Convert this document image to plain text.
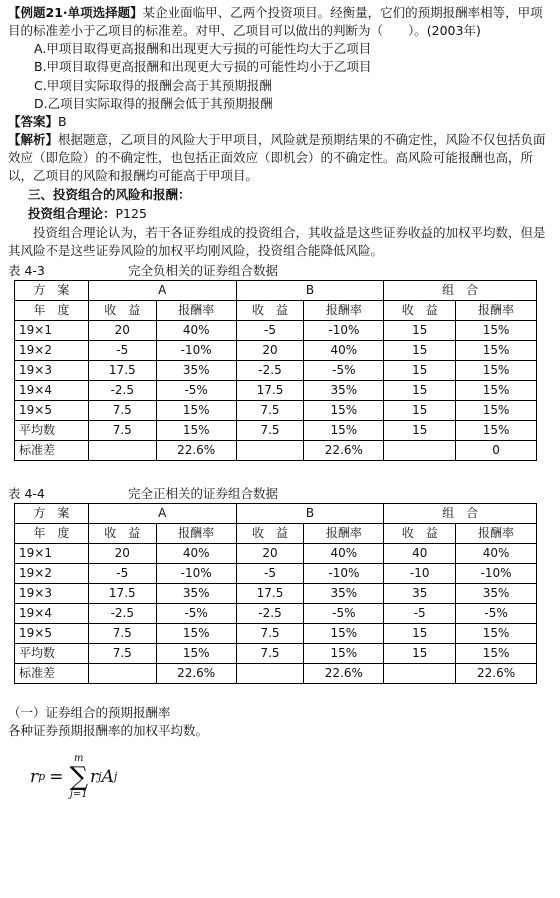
【例题21·单项选择题】某企业面临甲、乙两个投资项目。经衡量，它们的预期报酬率相等，甲项目的标准差小于乙项目的标准差。对甲、乙项目可以做出的判断为（　　）。(2003年)

A.甲项目取得更高报酬和出现更大亏损的可能性均大于乙项目

B.甲项目取得更高报酬和出现更大亏损的可能性均小于乙项目

C.甲项目实际取得的报酬会高于其预期报酬

D.乙项目实际取得的报酬会低于其预期报酬

【答案】B

【解析】根据题意，乙项目的风险大于甲项目，风险就是预期结果的不确定性，风险不仅包括负面效应（即危险）的不确定性，也包括正面效应（即机会）的不确定性。高风险可能报酬也高，所以，乙项目的风险和报酬均可能高于甲项目。

三、投资组合的风险和报酬：

投资组合理论：P125

投资组合理论认为，若干各证券组成的投资组合，其收益是这些证券收益的加权平均数，但是其风险不是这些证券风险的加权平均刚风险，投资组合能降低风险。

表 4-3	完全负相关的证券组合数据
方　案	A		B		组　合	
年　度	收　益	报酬率	收　益	报酬率	收　益	报酬率
19×1	20	40%	-5	-10%	15	15%
19×2	-5	-10%	20	40%	15	15%
19×3	17.5	35%	-2.5	-5%	15	15%
19×4	-2.5	-5%	17.5	35%	15	15%
19×5	7.5	15%	7.5	15%	15	15%
平均数	7.5	15%	7.5	15%	15	15%
标准差		22.6%		22.6%		0
表 4-4	完全正相关的证券组合数据
方　案	A		B		组　合	
年　度	收　益	报酬率	收　益	报酬率	收　益	报酬率
19×1	20	40%	20	40%	40	40%
19×2	-5	-10%	-5	-10%	-10	-10%
19×3	17.5	35%	17.5	35%	35	35%
19×4	-2.5	-5%	-2.5	-5%	-5	-5%
19×5	7.5	15%	7.5	15%	15	15%
平均数	7.5	15%	7.5	15%	15	15%
标准差		22.6%		22.6%		22.6%

（一）证券组合的预期报酬率

各种证券预期报酬率的加权平均数。

r p =
m
∑
j=1
r j A j
